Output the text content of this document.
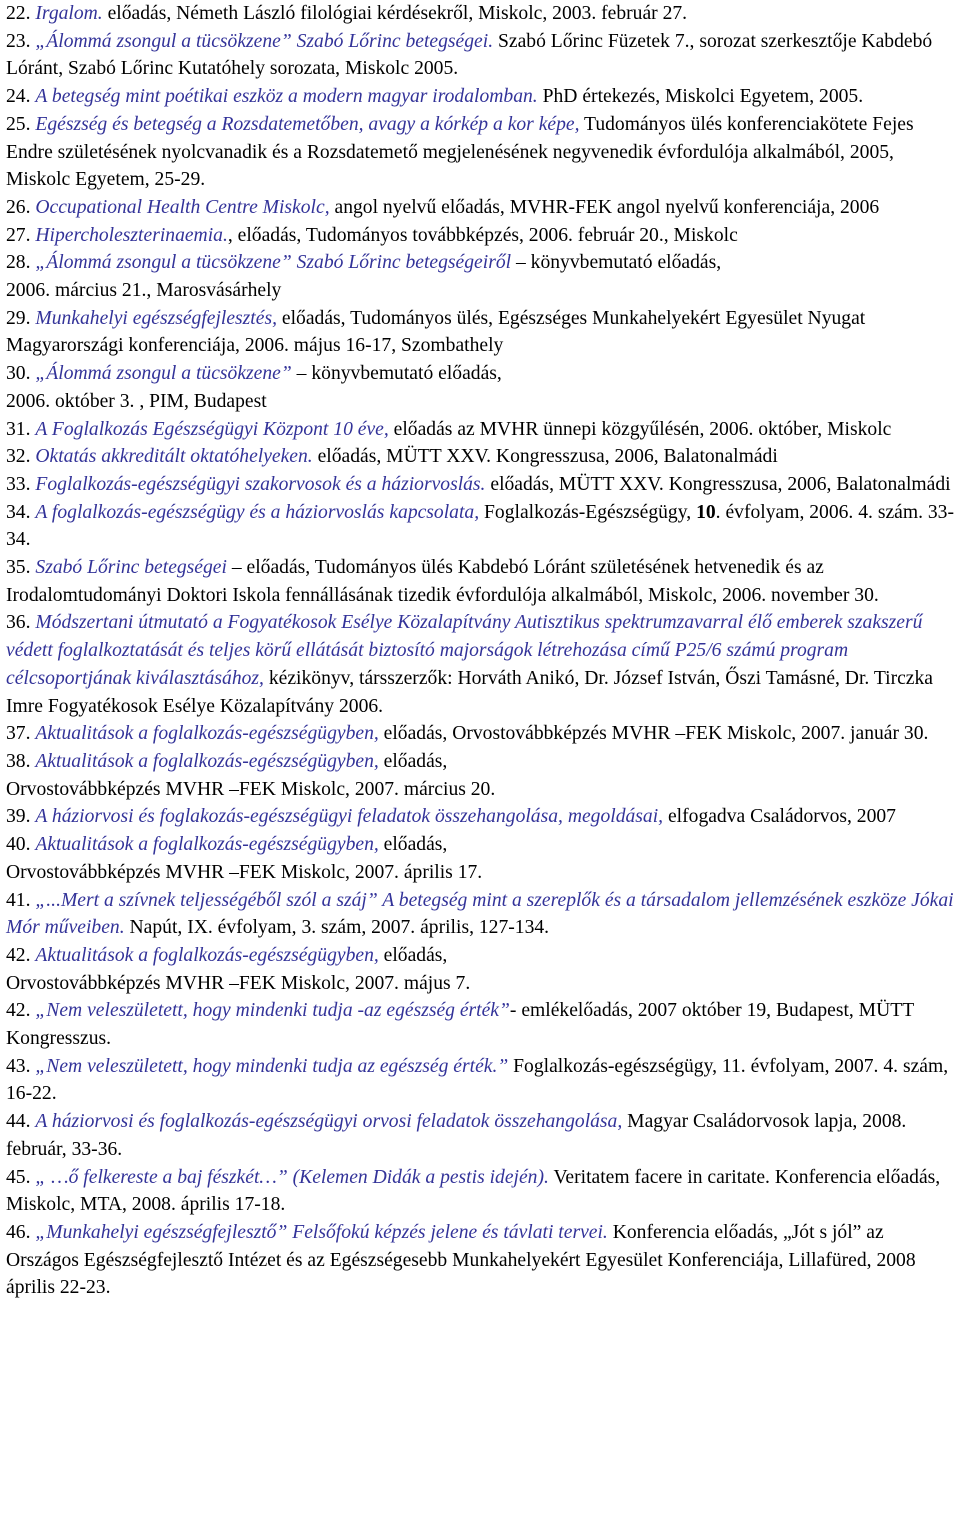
22. Irgalom. előadás, Németh László filológiai kérdésekről, Miskolc, 2003. február 27.

23. „Álommá zsongul a tücsökzene” Szabó Lőrinc betegségei. Szabó Lőrinc Füzetek 7., sorozat szerkesztője Kabdebó Lóránt, Szabó Lőrinc Kutatóhely sorozata, Miskolc 2005.

24. A betegség mint poétikai eszköz a modern magyar irodalomban. PhD értekezés, Miskolci Egyetem, 2005.

25. Egészség és betegség a Rozsdatemetőben, avagy a kórkép a kor képe, Tudományos ülés konferenciakötete Fejes Endre születésének nyolcvanadik és a Rozsdatemető megjelenésének negyvenedik évfordulója alkalmából, 2005, Miskolc Egyetem, 25-29.

26. Occupational Health Centre Miskolc, angol nyelvű előadás, MVHR-FEK angol nyelvű konferenciája, 2006

27. Hipercholeszterinaemia., előadás, Tudományos továbbképzés, 2006. február 20., Miskolc

28. „Álommá zsongul a tücsökzene” Szabó Lőrinc betegségeiről – könyvbemutató előadás,
2006. március 21., Marosvásárhely

29. Munkahelyi egészségfejlesztés, előadás, Tudományos ülés, Egészséges Munkahelyekért Egyesület Nyugat Magyarországi konferenciája, 2006. május 16-17, Szombathely

30. „Álommá zsongul a tücsökzene” – könyvbemutató előadás,
2006. október 3. , PIM, Budapest

31. A Foglalkozás Egészségügyi Központ 10 éve, előadás az MVHR ünnepi közgyűlésén, 2006. október, Miskolc

32. Oktatás akkreditált oktatóhelyeken. előadás, MÜTT XXV. Kongresszusa, 2006, Balatonalmádi

33. Foglalkozás-egészségügyi szakorvosok és a háziorvoslás. előadás, MÜTT XXV. Kongresszusa, 2006, Balatonalmádi

34. A foglalkozás-egészségügy és a háziorvoslás kapcsolata, Foglalkozás-Egészségügy, 10. évfolyam, 2006. 4. szám. 33-34.

35. Szabó Lőrinc betegségei – előadás, Tudományos ülés Kabdebó Lóránt születésének hetvenedik és az Irodalomtudományi Doktori Iskola fennállásának tizedik évfordulója alkalmából, Miskolc, 2006. november 30.

36. Módszertani útmutató a Fogyatékosok Esélye Közalapítvány Autisztikus spektrumzavarral élő emberek szakszerű védett foglalkoztatását és teljes körű ellátását biztosító majorságok létrehozása című P25/6 számú program célcsoportjának kiválasztásához, kézikönyv, társszerzők: Horváth Anikó, Dr. József István, Őszi Tamásné, Dr. Tirczka Imre Fogyatékosok Esélye Közalapítvány 2006.

37. Aktualitások a foglalkozás-egészségügyben, előadás, Orvostovábbképzés MVHR –FEK Miskolc, 2007. január 30.

38. Aktualitások a foglalkozás-egészségügyben, előadás,
Orvostovábbképzés MVHR –FEK Miskolc, 2007. március 20.

39. A háziorvosi és foglakozás-egészségügyi feladatok összehangolása, megoldásai, elfogadva Családorvos, 2007

40. Aktualitások a foglalkozás-egészségügyben, előadás,
Orvostovábbképzés MVHR –FEK Miskolc, 2007. április 17.

41. „...Mert a szívnek teljességéből szól a száj” A betegség mint a szereplők és a társadalom jellemzésének eszköze Jókai Mór műveiben. Napút, IX. évfolyam, 3. szám, 2007. április, 127-134.

42. Aktualitások a foglalkozás-egészségügyben, előadás,
Orvostovábbképzés MVHR –FEK Miskolc, 2007. május 7.

42. „Nem veleszületett, hogy mindenki tudja -az egészség érték”- emlékelőadás, 2007 október 19, Budapest, MÜTT Kongresszus.

43. „Nem veleszületett, hogy mindenki tudja az egészség érték.” Foglalkozás-egészségügy, 11. évfolyam, 2007. 4. szám, 16-22.

44. A háziorvosi és foglalkozás-egészségügyi orvosi feladatok összehangolása, Magyar Családorvosok lapja, 2008. február, 33-36.

45. „ …ő felkereste a baj fészkét…” (Kelemen Didák a pestis idején). Veritatem facere in caritate. Konferencia előadás, Miskolc, MTA, 2008. április 17-18.

46. „Munkahelyi egészségfejlesztő” Felsőfokú képzés jelene és távlati tervei. Konferencia előadás, „Jót s jól” az Országos Egészségfejlesztő Intézet és az Egészségesebb Munkahelyekért Egyesület Konferenciája, Lillafüred, 2008 április 22-23.
